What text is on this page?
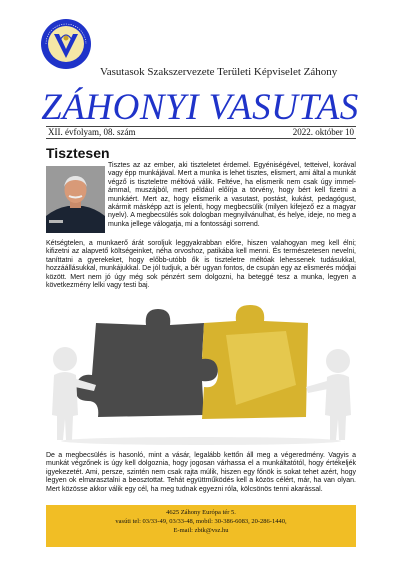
Vasutasok Szakszervezete Területi Képviselet Záhony
ZÁHONYI VASUTAS
XII. évfolyam, 08. szám	2022. október 10
Tisztesen

Tisztes az az ember, aki tiszteletet érdemel. Egyéniségével, tetteivel, korával vagy épp munkájával. Mert a munka is lehet tisztes, elismert, ami által a munkát végző is tiszteletre méltóvá válik. Feltéve, ha elismerik nem csak úgy immel-ámmal, muszájból, mert például előírja a törvény, hogy bért kell fizetni a munkáért. Mert az, hogy elismerik a vasutast, postást, kukást, pedagógust, akármit másképp azt is jelenti, hogy megbecsülik (milyen kifejező ez a magyar nyelv). A megbecsülés sok dologban megnyilvánulhat, és helye, ideje, no meg a munka jellege válogatja, mi a fontossági sorrend.

Kétségtelen, a munkaerő árát soroljuk leggyakrabban előre, hiszen valahogyan meg kell élni; kifizetni az alapvető költségeinket, néha orvoshoz, patikába kell menni. És természetesen nevelni, taníttatni a gyerekeket, hogy előbb-utóbb ők is tiszteletre méltóak lehessenek tudásukkal, hozzáállásukkal, munkájukkal. De jól tudjuk, a bér ugyan fontos, de csupán egy az elismerés módjai között. Mert nem jó úgy még sok pénzért sem dolgozni, ha beteggé tesz a munka, legyen a következmény lelki vagy testi baj.

De a megbecsülés is hasonló, mint a vásár, legalább kettőn áll meg a végeredmény. Vagyis a munkát végzőnek is úgy kell dolgoznia, hogy jogosan várhassa el a munkáltatótól, hogy értékeljék igyekezetét. Ami, persze, szintén nem csak rajta múlik, hiszen egy főnök is sokat tehet azért, hogy legyen ok elmarasztalni a beosztottat. Tehát együttműködés kell a közös célért, már, ha van olyan. Mert közösse akkor válik egy cél, ha meg tudnak egyezni róla, kölcsönös tenni akarással.

4625 Záhony Európa tér 5.
vasúti tel: 03/33-49, 03/33-48, mobil: 30-386-6083, 20-286-1440,
E-mail: zbtk@vsz.hu
